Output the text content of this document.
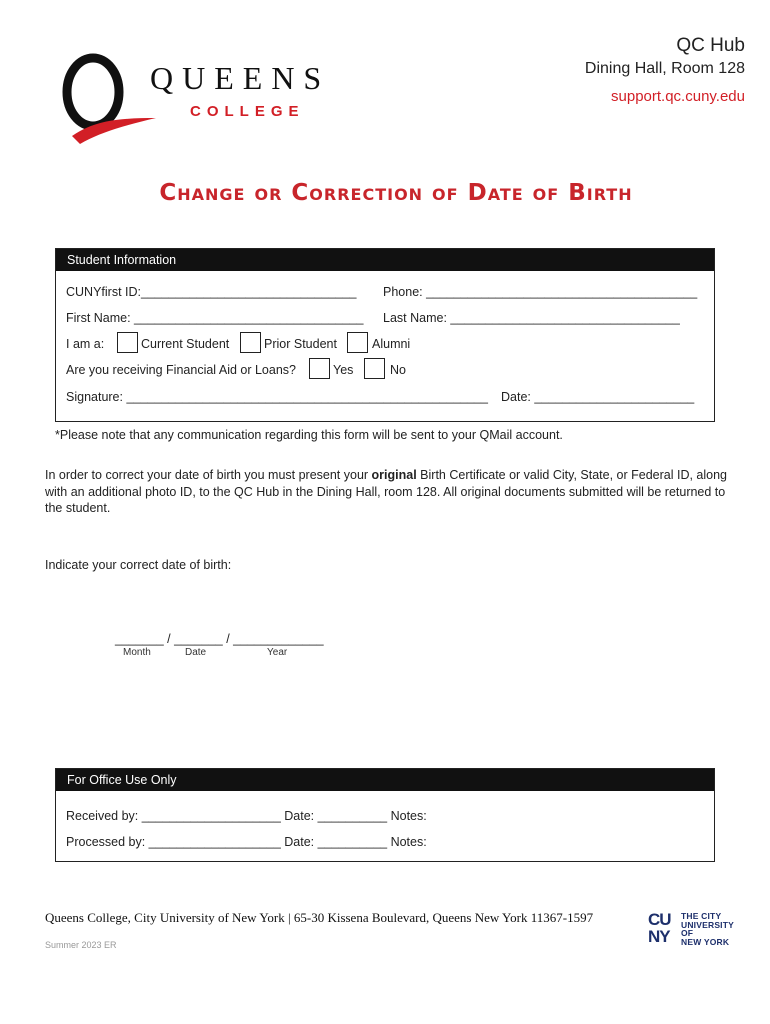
QUEENS
COLLEGE
QC Hub
Dining Hall, Room 128
support.qc.cuny.edu
Change or Correction of Date of Birth
Student Information
CUNYfirst ID:_______________________________ Phone: _______________________________________
First Name: _________________________________ Last Name: _________________________________
I am a:	Current Student	Prior Student	Alumni
Are you receiving Financial Aid or Loans?	Yes	No
Signature: ____________________________________________________ Date: _______________________
*Please note that any communication regarding this form will be sent to your QMail account.
In order to correct your date of birth you must present your original Birth Certificate or valid City, State, or Federal ID, along with an additional photo ID, to the QC Hub in the Dining Hall, room 128. All original documents submitted will be returned to the student.
Indicate your correct date of birth:
_______ / _______ / _____________
Month	Date	Year
For Office Use Only
Received by: ____________________ Date: __________ Notes:
Processed by: ___________________ Date: __________ Notes:
Queens College, City University of New York | 65-30 Kissena Boulevard, Queens New York 11367-1597
Summer 2023 ER
CU
NY
THE CITY
UNIVERSITY
OF
NEW YORK
